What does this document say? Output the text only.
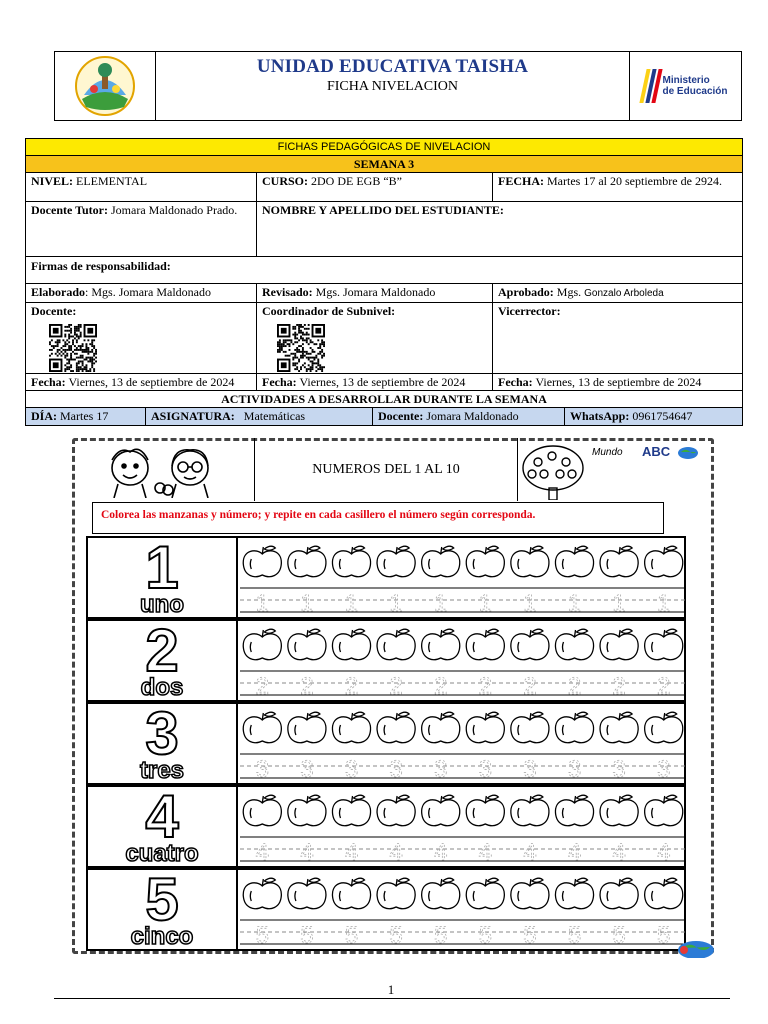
UNIDAD EDUCATIVA TAISHA
FICHA NIVELACION	Ministerio
de Educación
FICHAS PEDAGÓGICAS DE NIVELACION					
SEMANA 3					
NIVEL: ELEMENTAL		CURSO: 2DO DE EGB “B”		FECHA: Martes 17 al 20 septiembre de 2924.	
Docente Tutor: Jomara Maldonado Prado.		NOMBRE Y APELLIDO DEL ESTUDIANTE:			
Firmas de responsabilidad:					
Elaborado: Mgs. Jomara Maldonado		Revisado: Mgs. Jomara Maldonado		Aprobado: Mgs. Gonzalo Arboleda	
Docente:		Coordinador de Subnivel:		Vicerrector:	
Fecha: Viernes, 13 de septiembre de 2024		Fecha: Viernes, 13 de septiembre de 2024		Fecha: Viernes, 13 de septiembre de 2024	
ACTIVIDADES A DESARROLLAR DURANTE LA SEMANA					
DÍA: Martes 17	ASIGNATURA: Matemáticas		Docente: Jomara Maldonado		WhatsApp: 0961754647
NUMEROS DEL 1 AL 10
Mundo ABC
Colorea las manzanas y número; y repite en cada casillero el número según corresponda.
1
uno	1 1 1 1 1 1 1 1 1 1
2
dos	2 2 2 2 2 2 2 2 2 2
3
tres	3 3 3 3 3 3 3 3 3 3
4
cuatro	4 4 4 4 4 4 4 4 4 4
5
cinco	5 5 5 5 5 5 5 5 5 5
1
